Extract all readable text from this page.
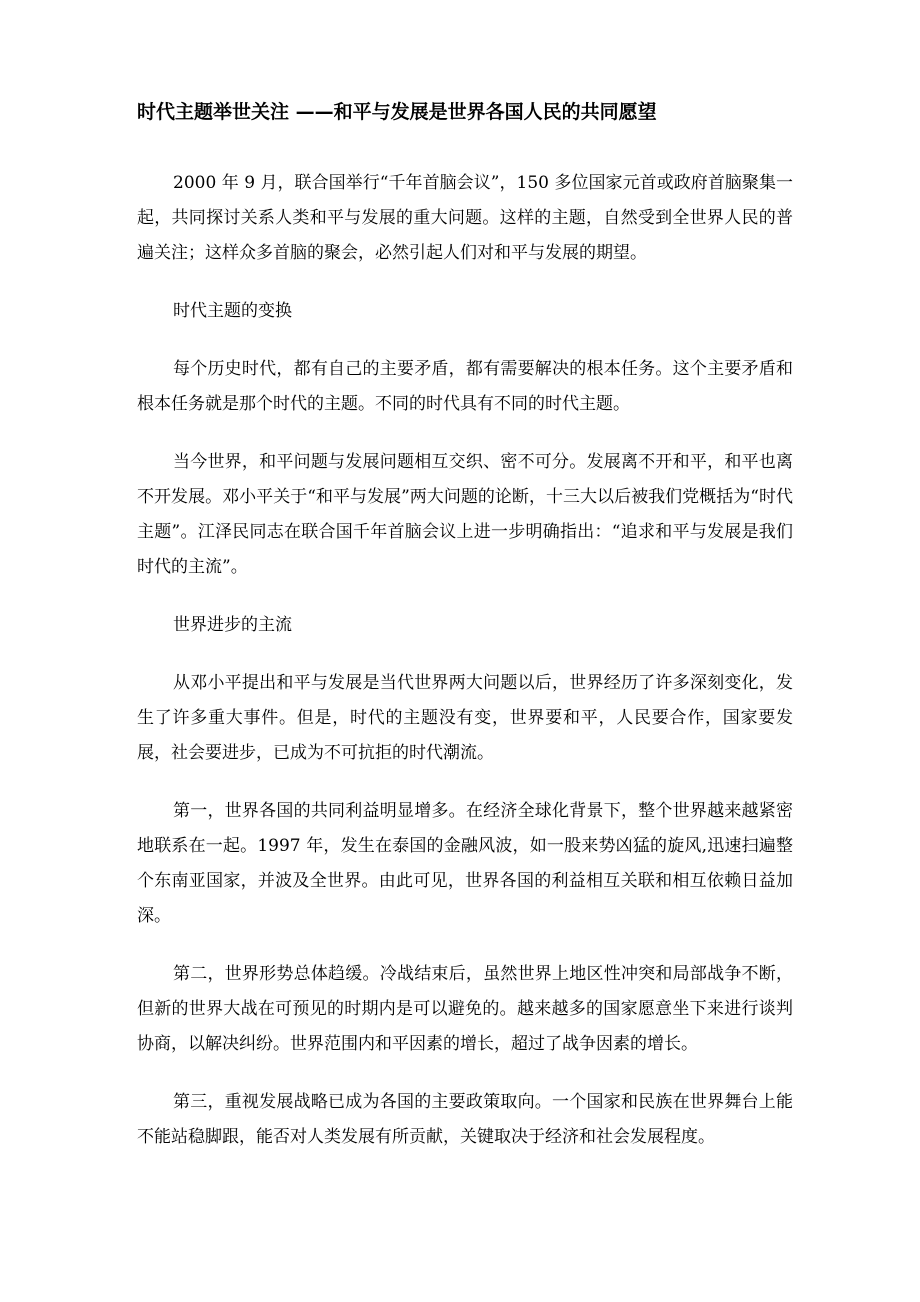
时代主题举世关注 ——和平与发展是世界各国人民的共同愿望

2000 年 9 月，联合国举行“千年首脑会议”，150 多位国家元首或政府首脑聚集一起，共同探讨关系人类和平与发展的重大问题。这样的主题，自然受到全世界人民的普遍关注；这样众多首脑的聚会，必然引起人们对和平与发展的期望。

时代主题的变换

每个历史时代，都有自己的主要矛盾，都有需要解决的根本任务。这个主要矛盾和根本任务就是那个时代的主题。不同的时代具有不同的时代主题。

当今世界，和平问题与发展问题相互交织、密不可分。发展离不开和平，和平也离不开发展。邓小平关于“和平与发展”两大问题的论断，十三大以后被我们党概括为“时代主题”。江泽民同志在联合国千年首脑会议上进一步明确指出：“追求和平与发展是我们时代的主流”。

世界进步的主流

从邓小平提出和平与发展是当代世界两大问题以后，世界经历了许多深刻变化，发生了许多重大事件。但是，时代的主题没有变，世界要和平，人民要合作，国家要发展，社会要进步，已成为不可抗拒的时代潮流。

第一，世界各国的共同利益明显增多。在经济全球化背景下，整个世界越来越紧密地联系在一起。1997 年，发生在泰国的金融风波，如一股来势凶猛的旋风,迅速扫遍整个东南亚国家，并波及全世界。由此可见，世界各国的利益相互关联和相互依赖日益加深。

第二，世界形势总体趋缓。冷战结束后，虽然世界上地区性冲突和局部战争不断，但新的世界大战在可预见的时期内是可以避免的。越来越多的国家愿意坐下来进行谈判协商，以解决纠纷。世界范围内和平因素的增长，超过了战争因素的增长。

第三，重视发展战略已成为各国的主要政策取向。一个国家和民族在世界舞台上能不能站稳脚跟，能否对人类发展有所贡献，关键取决于经济和社会发展程度。
